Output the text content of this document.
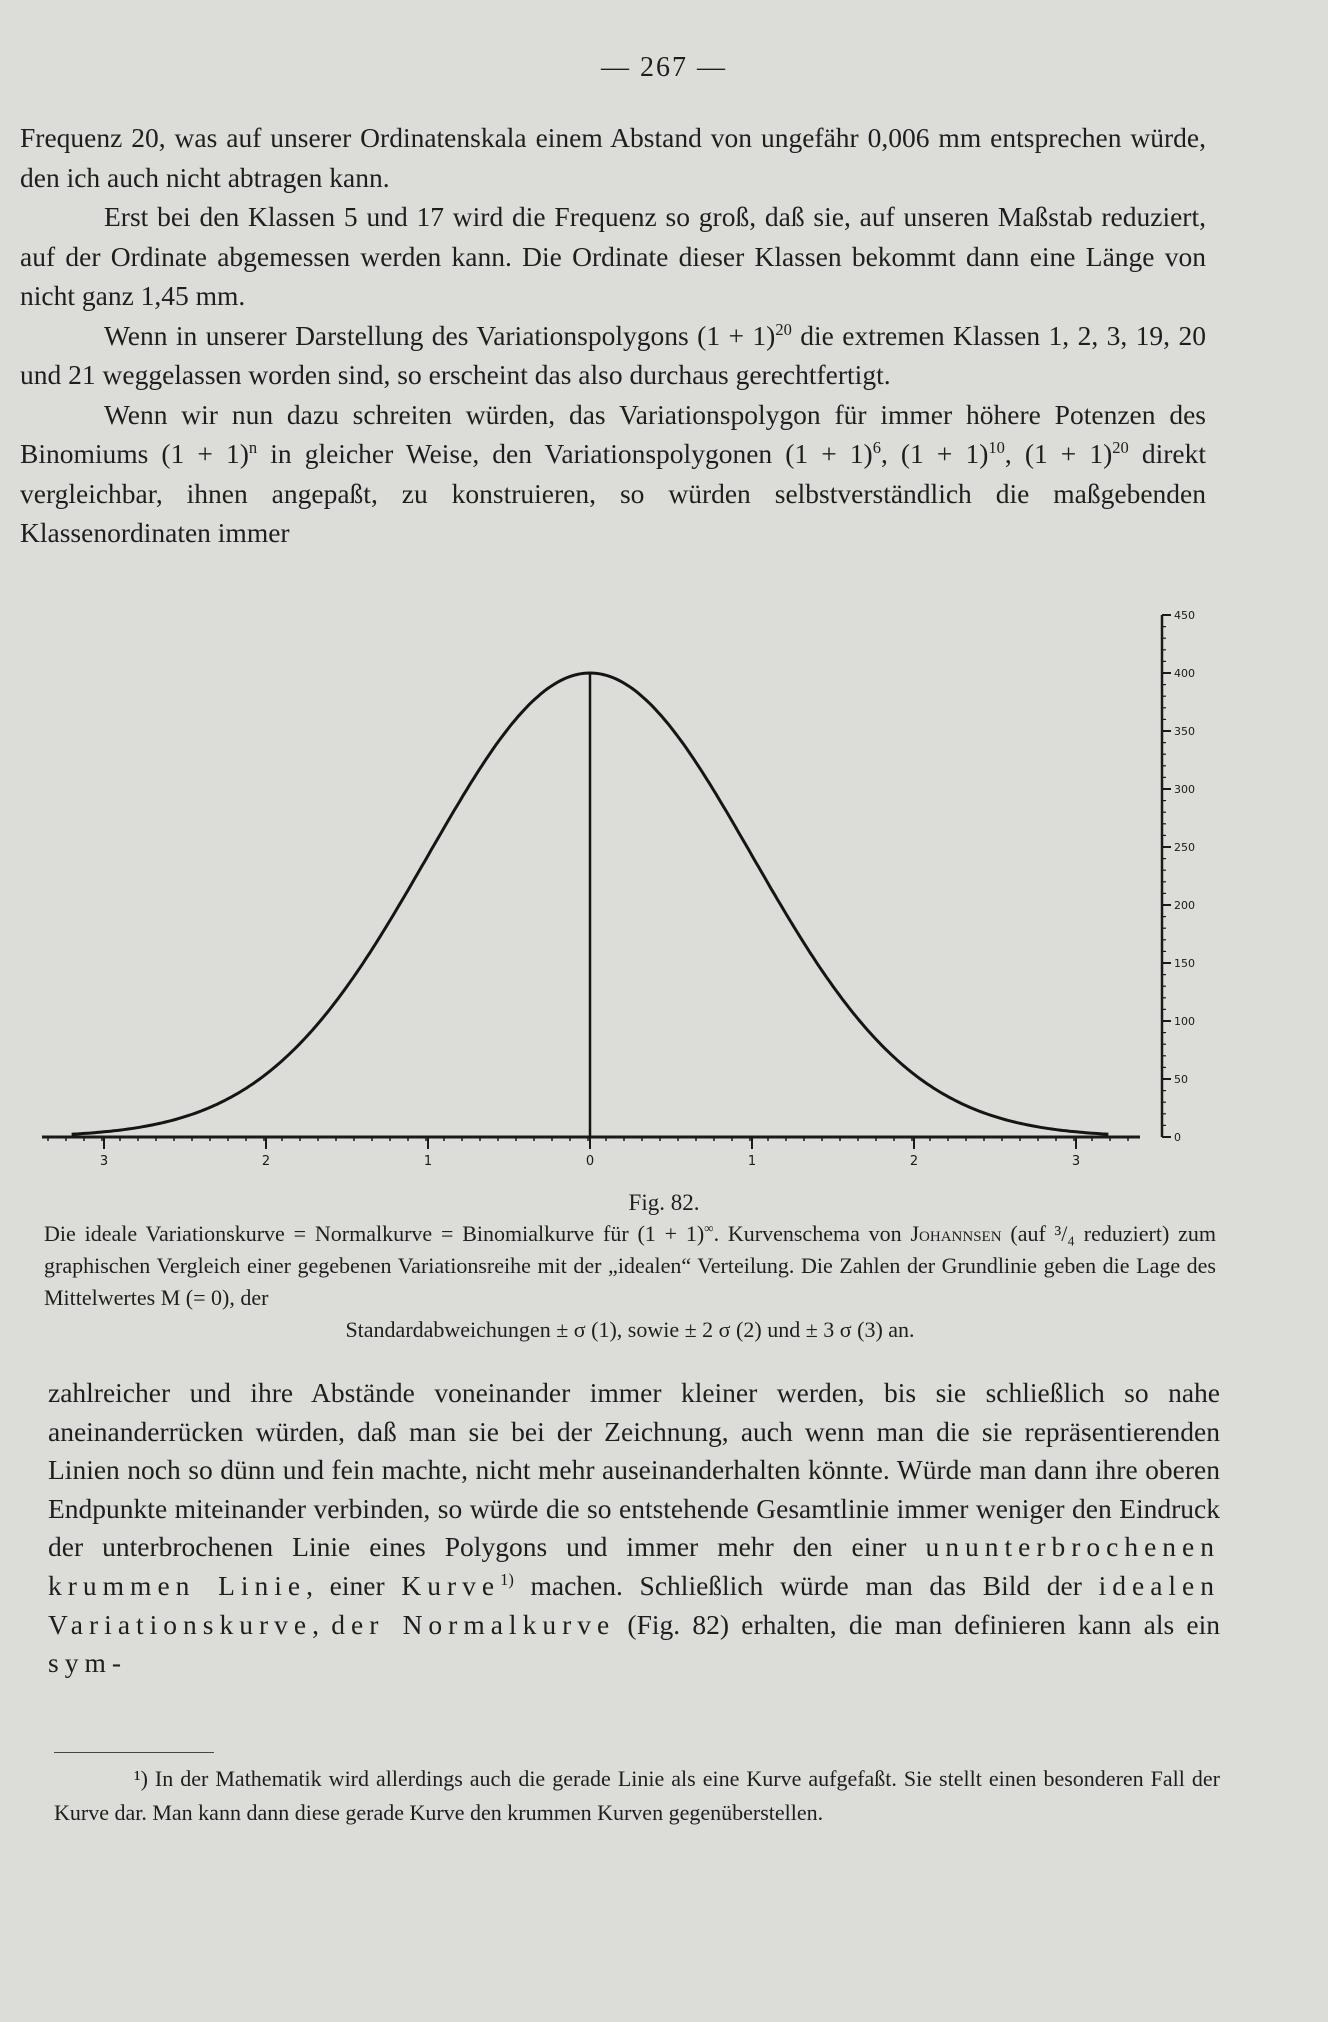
— 267 —

Frequenz 20, was auf unserer Ordinatenskala einem Abstand von ungefähr 0,006 mm entsprechen würde, den ich auch nicht abtragen kann.

Erst bei den Klassen 5 und 17 wird die Frequenz so groß, daß sie, auf unseren Maßstab reduziert, auf der Ordinate abgemessen werden kann. Die Ordinate dieser Klassen bekommt dann eine Länge von nicht ganz 1,45 mm.

Wenn in unserer Darstellung des Variationspolygons $(1 + 1)^{20}$ die extremen Klassen 1, 2, 3, 19, 20 und 21 weggelassen worden sind, so erscheint das also durchaus gerechtfertigt.

Wenn wir nun dazu schreiten würden, das Variationspolygon für immer höhere Potenzen des Binomiums $(1 + 1)^n$ in gleicher Weise, den Variationspolygonen $(1 + 1)^6$, $(1 + 1)^{10}$, $(1 + 1)^{20}$ direkt vergleichbar, ihnen angepaßt, zu konstruieren, so würden selbstverständlich die maßgebenden Klassenordinaten immer

0
50
100
150
200
250
300
350
400
450
3	2	1	0	1	2	3
Fig. 82.

Die ideale Variationskurve = Normalkurve = Binomialkurve für (1 + 1)∞. Kurvenschema von Johannsen (auf ³/₄ reduziert) zum graphischen Vergleich einer gegebenen Variationsreihe mit der „idealen“ Verteilung. Die Zahlen der Grundlinie geben die Lage des Mittelwertes M (= 0), der

Standardabweichungen ± σ (1), sowie ± 2 σ (2) und ± 3 σ (3) an.

zahlreicher und ihre Abstände voneinander immer kleiner werden, bis sie schließlich so nahe aneinanderrücken würden, daß man sie bei der Zeichnung, auch wenn man die sie repräsentierenden Linien noch so dünn und fein machte, nicht mehr auseinanderhalten könnte. Würde man dann ihre oberen Endpunkte miteinander verbinden, so würde die so entstehende Gesamtlinie immer weniger den Eindruck der unterbrochenen Linie eines Polygons und immer mehr den einer ununterbrochenen krummen Linie, einer Kurve$^{1)}$ machen. Schließlich würde man das Bild der idealen Variationskurve, der Normalkurve (Fig. 82) erhalten, die man definieren kann als ein sym-

¹) In der Mathematik wird allerdings auch die gerade Linie als eine Kurve aufgefaßt. Sie stellt einen besonderen Fall der Kurve dar. Man kann dann diese gerade Kurve den krummen Kurven gegenüberstellen.
